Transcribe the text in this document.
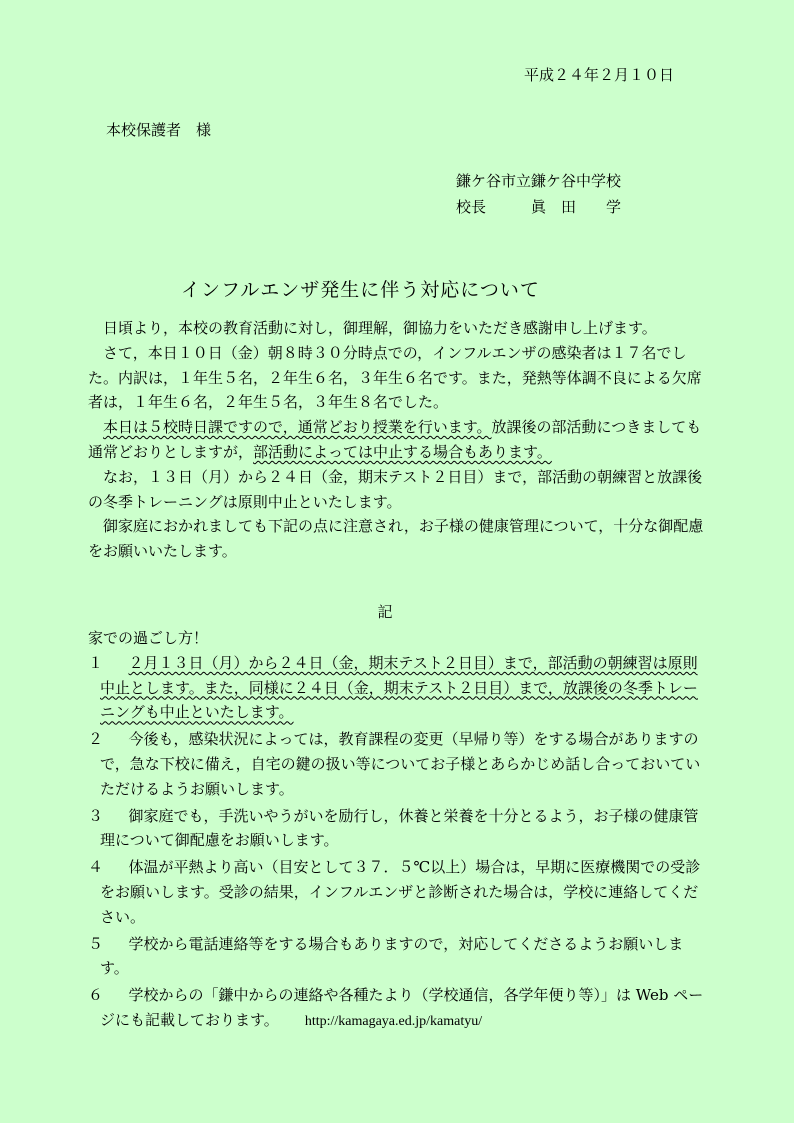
平成２４年２月１０日
本校保護者　様
鎌ケ谷市立鎌ケ谷中学校
校長　　　眞　田　　学
インフルエンザ発生に伴う対応について

日頃より，本校の教育活動に対し，御理解，御協力をいただき感謝申し上げます。

さて，本日１０日（金）朝８時３０分時点での，インフルエンザの感染者は１７名でした。内訳は，１年生５名，２年生６名，３年生６名です。また，発熱等体調不良による欠席者は，１年生６名，２年生５名，３年生８名でした。

本日は５校時日課ですので，通常どおり授業を行います。放課後の部活動につきましても通常どおりとしますが，部活動によっては中止する場合もあります。

なお，１３日（月）から２４日（金，期末テスト２日目）まで，部活動の朝練習と放課後の冬季トレーニングは原則中止といたします。

御家庭におかれましても下記の点に注意され，お子様の健康管理について，十分な御配慮をお願いいたします。

記

家での過ごし方！

１	２月１３日（月）から２４日（金，期末テスト２日目）まで，部活動の朝練習は原則中止とします。また，同様に２４日（金，期末テスト２日目）まで，放課後の冬季トレーニングも中止といたします。
２	今後も，感染状況によっては，教育課程の変更（早帰り等）をする場合がありますので，急な下校に備え，自宅の鍵の扱い等についてお子様とあらかじめ話し合っておいていただけるようお願いします。
３	御家庭でも，手洗いやうがいを励行し，休養と栄養を十分とるよう，お子様の健康管理について御配慮をお願いします。
４	体温が平熱より高い（目安として３７．５℃以上）場合は，早期に医療機関での受診をお願いします。受診の結果，インフルエンザと診断された場合は，学校に連絡してください。
５	学校から電話連絡等をする場合もありますので，対応してくださるようお願いします。
６	学校からの「鎌中からの連絡や各種たより（学校通信，各学年便り等）」は Web ページにも記載しております。 http://kamagaya.ed.jp/kamatyu/
